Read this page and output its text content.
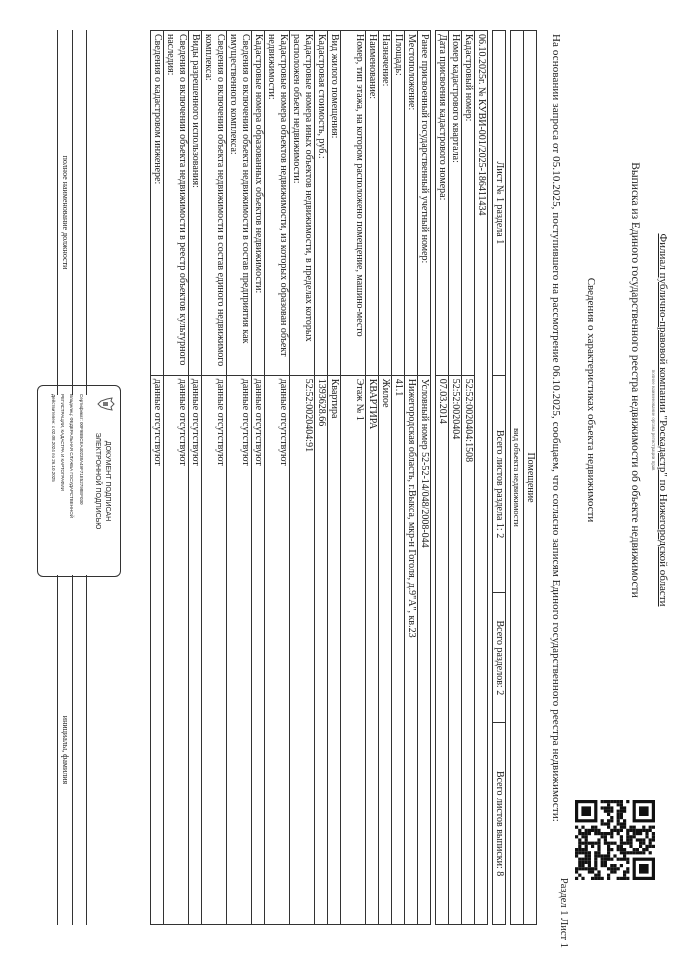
Филиал публично-правовой компании "Роскадастр" по Нижегородской области
полное наименование органа регистрации прав
Выписка из Единого государственного реестра недвижимости об объекте недвижимости
Сведения о характеристиках объекта недвижимости
Раздел 1 Лист 1
На основании запроса от 05.10.2025, поступившего на рассмотрение 06.10.2025, сообщаем, что согласно записям Единого государственного реестра недвижимости:
Помещение			
вид объекта недвижимости			

Лист № 1 раздела 1	Всего листов раздела 1: 2	Всего разделов: 2	Всего листов выписки: 8

06.10.2025г. № КУВИ-001/2025-186411434			
Кадастровый номер:	52:52:0020404:1508		
Номер кадастрового квартала:	52:52:0020404		
Дата присвоения кадастрового номера:	07.03.2014		

Ранее присвоенный государственный учетный номер:	Условный номер 52-52-14/048/2008-044		
Местоположение:	Нижегородская область, г.Выкса, мкр-н Гоголя, д.9"А", кв.23		
Площадь:	41.1		
Назначение:	Жилое		
Наименование:	КВАРТИРА		
Номер, тип этажа, на котором расположено помещение, машино-место	Этаж № 1		
Вид жилого помещения:	Квартира		
Кадастровая стоимость, руб.:	1393628.66		
Кадастровые номера иных объектов недвижимости, в пределах которых расположен объект недвижимости:	52:52:0020404:91		
Кадастровые номера объектов недвижимости, из которых образован объект недвижимости:	данные отсутствуют		
Кадастровые номера образованных объектов недвижимости:	данные отсутствуют		
Сведения о включении объекта недвижимости в состав предприятия как имущественного комплекса:	данные отсутствуют		
Сведения о включении объекта недвижимости в состав единого недвижимого комплекса:	данные отсутствуют		
Виды разрешенного использования:	данные отсутствуют		
Сведения о включении объекта недвижимости в реестр объектов культурного наследия:	данные отсутствуют		
Сведения о кадастровом инженере:	данные отсутствуют		
полное наименование должности
инициалы, фамилия
ДОКУМЕНТ ПОДПИСАН
ЭЛЕКТРОННОЙ ПОДПИСЬЮ
Сертификат: 00F9BBCEA40238A49F71E52798EF030
Владелец: ФЕДЕРАЛЬНАЯ СЛУЖБА ГОСУДАРСТВЕННОЙ
РЕГИСТРАЦИИ, КАДАСТРА И КАРТОГРАФИИ
Действителен: с 02.08.2024 по 26.10.2025
